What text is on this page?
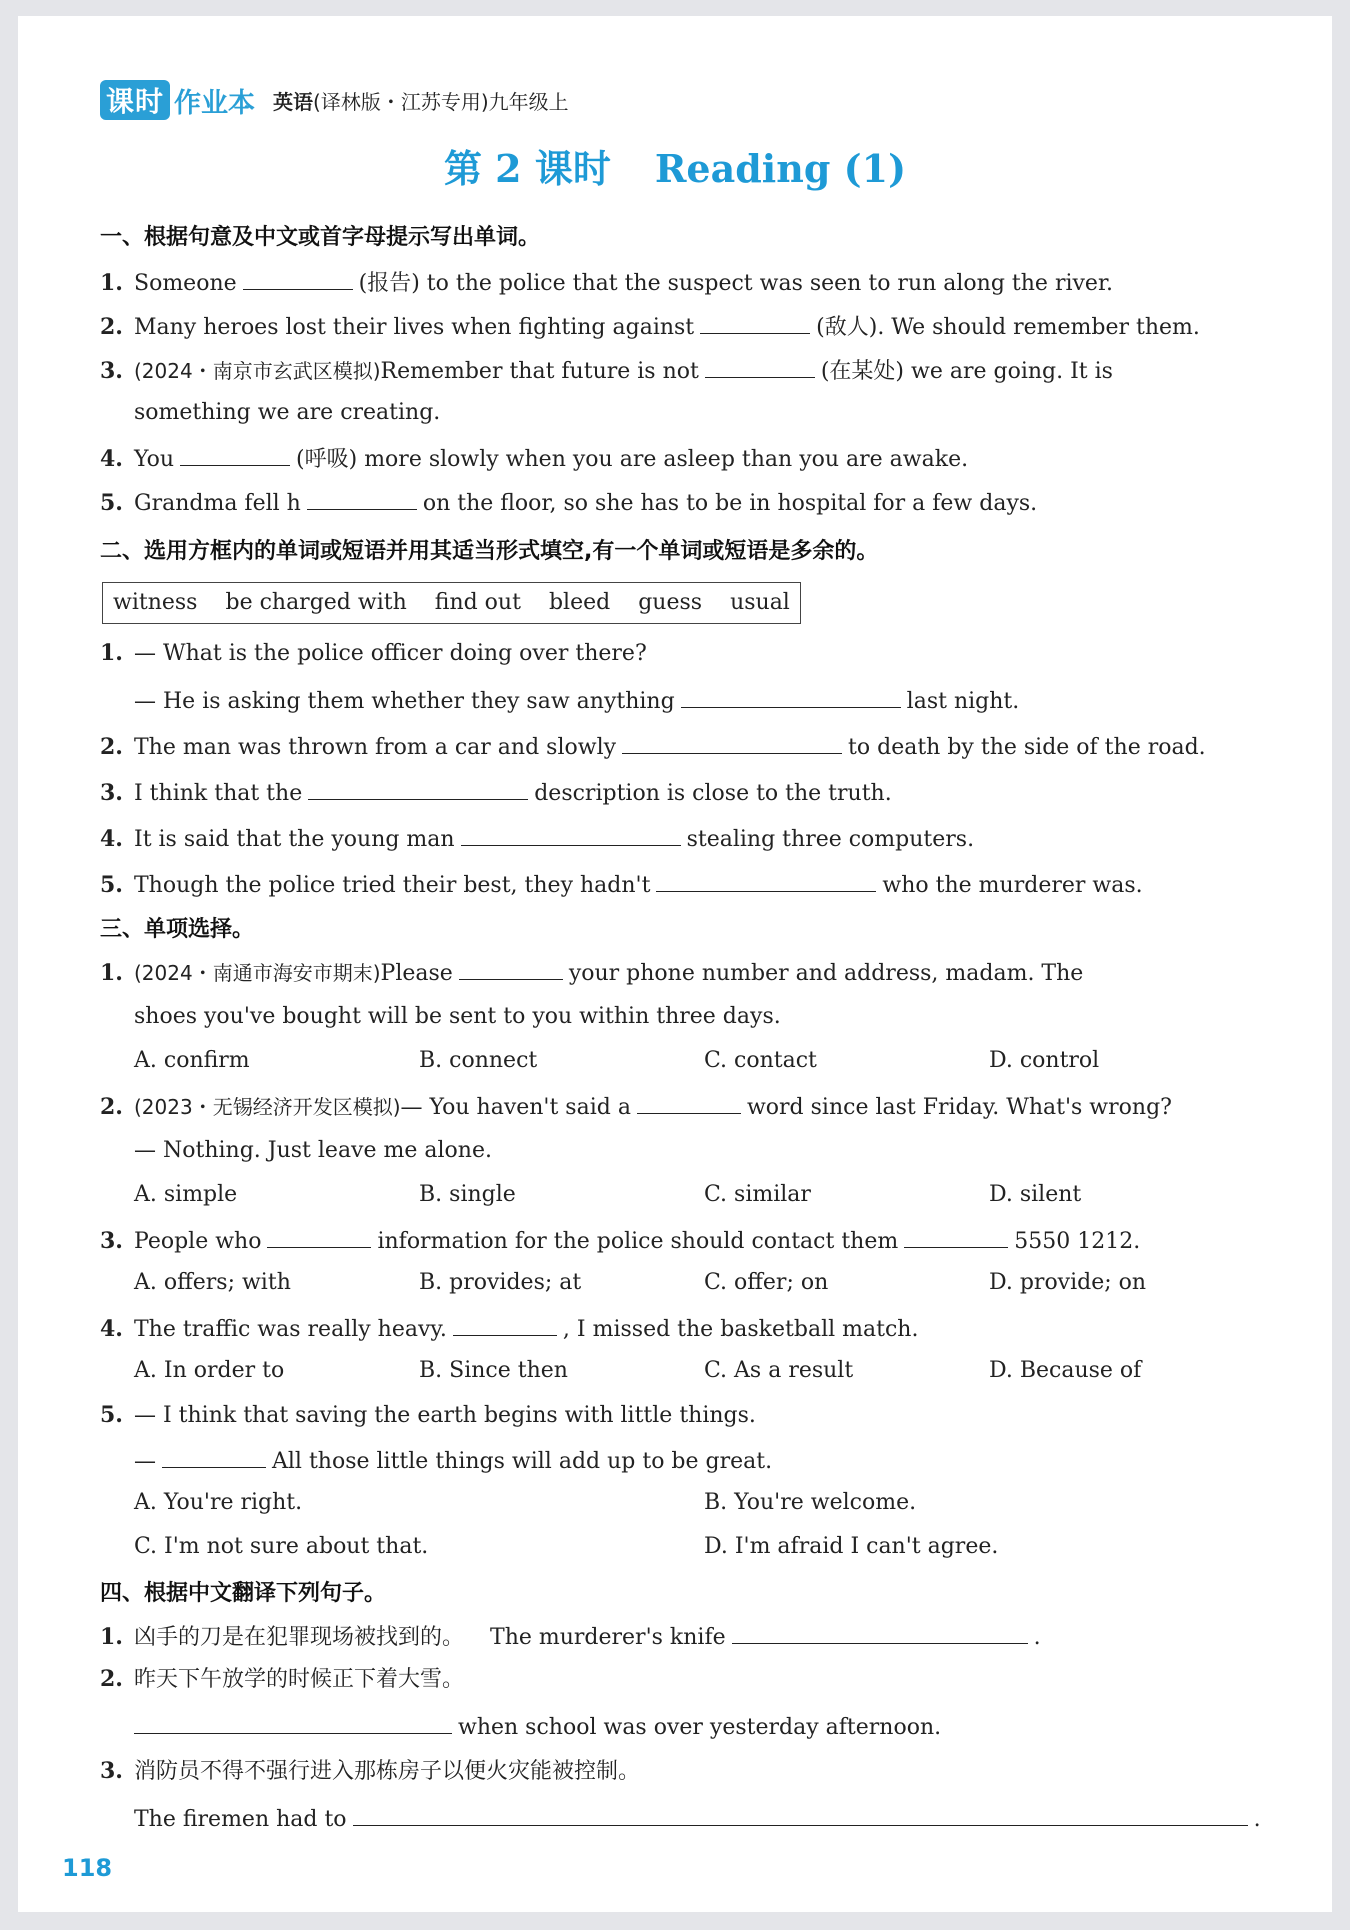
课时 作业本 英语(译林版・江苏专用)九年级上
第 2 课时 Reading (1)
一、根据句意及中文或首字母提示写出单词。
1. Someone	(报告) to the police that the suspect was seen to run along the river.
2. Many heroes lost their lives when fighting against	(敌人). We should remember them.
3. (2024・南京市玄武区模拟)Remember that future is not	(在某处) we are going. It is
something we are creating.
4. You	(呼吸) more slowly when you are asleep than you are awake.
5. Grandma fell h	on the floor, so she has to be in hospital for a few days.
二、选用方框内的单词或短语并用其适当形式填空,有一个单词或短语是多余的。
witness be charged with find out bleed guess usual
1. — What is the police officer doing over there?
— He is asking them whether they saw anything	last night.
2. The man was thrown from a car and slowly	to death by the side of the road.
3. I think that the	description is close to the truth.
4. It is said that the young man	stealing three computers.
5. Though the police tried their best, they hadn't	who the murderer was.
三、单项选择。
1. (2024・南通市海安市期末)Please	your phone number and address, madam. The
shoes you've bought will be sent to you within three days.
A. confirm	B. connect	C. contact	D. control
2. (2023・无锡经济开发区模拟)— You haven't said a	word since last Friday. What's wrong?
— Nothing. Just leave me alone.
A. simple	B. single	C. similar	D. silent
3. People who	information for the police should contact them	5550 1212.
A. offers; with	B. provides; at	C. offer; on	D. provide; on
4. The traffic was really heavy.	, I missed the basketball match.
A. In order to	B. Since then	C. As a result	D. Because of
5. — I think that saving the earth begins with little things.
—	All those little things will add up to be great.
A. You're right.	B. You're welcome.
C. I'm not sure about that.	D. I'm afraid I can't agree.
四、根据中文翻译下列句子。
1. 凶手的刀是在犯罪现场被找到的。 The murderer's knife	.
2. 昨天下午放学的时候正下着大雪。
when school was over yesterday afternoon.
3. 消防员不得不强行进入那栋房子以便火灾能被控制。
The firemen had to	.
118
